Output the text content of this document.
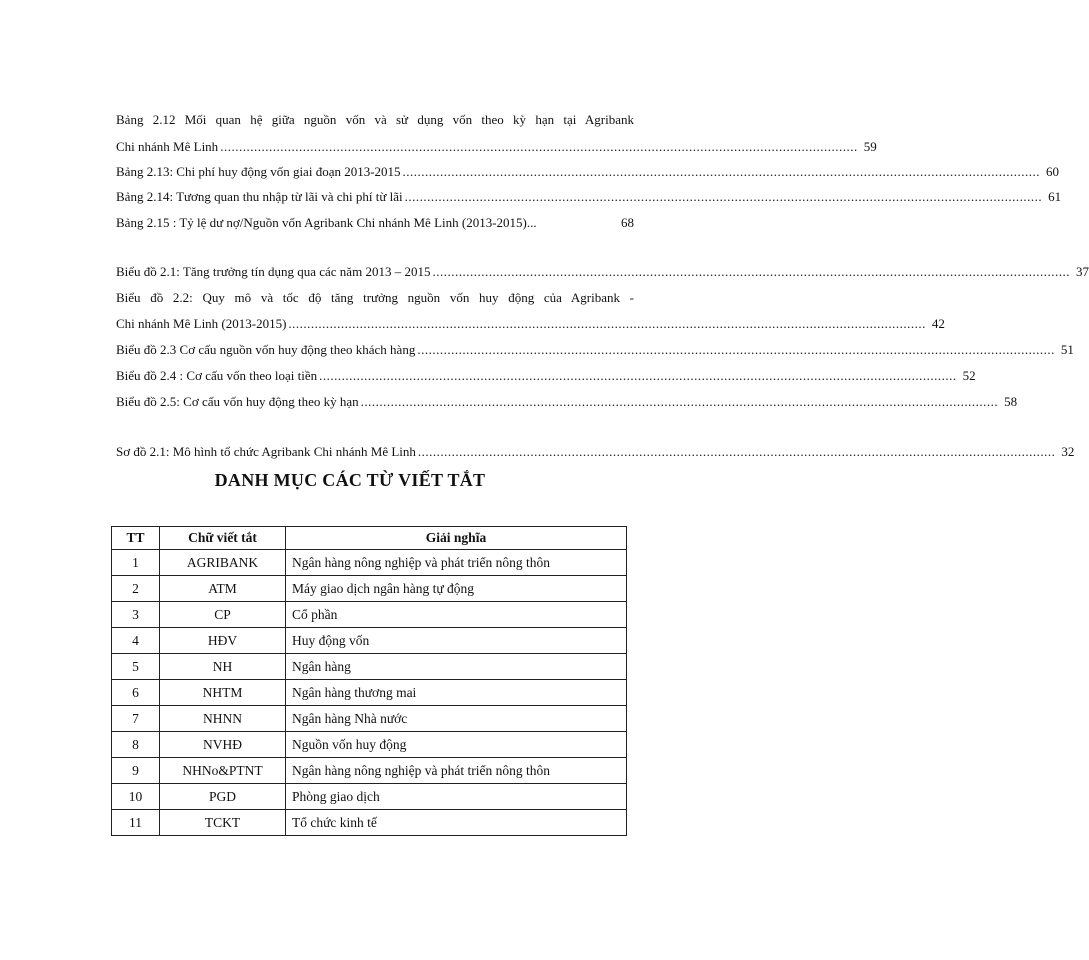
Bảng 2.12 Mối quan hệ giữa nguồn vốn và sử dụng vốn theo kỳ hạn tại Agribank
Chi nhánh Mê Linh .......................................................................................................................................................................... 59
Bảng 2.13: Chi phí huy động vốn giai đoạn 2013-2015 .......................................................................................................................................................................... 60
Bảng 2.14: Tương quan thu nhập từ lãi và chi phí từ lãi .......................................................................................................................................................................... 61
Bảng 2.15 : Tỷ lệ dư nợ/Nguồn vốn Agribank Chi nhánh Mê Linh (2013-2015)...	68
Biểu đồ 2.1: Tăng trưởng tín dụng qua các năm 2013 – 2015 .......................................................................................................................................................................... 37
Biểu đồ 2.2: Quy mô và tốc độ tăng trưởng nguồn vốn huy động của Agribank -
Chi nhánh Mê Linh (2013-2015) .......................................................................................................................................................................... 42
Biểu đồ 2.3 Cơ cấu nguồn vốn huy động theo khách hàng .......................................................................................................................................................................... 51
Biểu đồ 2.4 : Cơ cấu vốn theo loại tiền .......................................................................................................................................................................... 52
Biểu đồ 2.5: Cơ cấu vốn huy động theo kỳ hạn .......................................................................................................................................................................... 58
Sơ đồ 2.1: Mô hình tổ chức Agribank Chi nhánh Mê Linh .......................................................................................................................................................................... 32
DANH MỤC CÁC TỪ VIẾT TẮT
TT	Chữ viết tắt	Giải nghĩa
1	AGRIBANK	Ngân hàng nông nghiệp và phát triển nông thôn
2	ATM	Máy giao dịch ngân hàng tự động
3	CP	Cổ phần
4	HĐV	Huy động vốn
5	NH	Ngân hàng
6	NHTM	Ngân hàng thương mai
7	NHNN	Ngân hàng Nhà nước
8	NVHĐ	Nguồn vốn huy động
9	NHNo&PTNT	Ngân hàng nông nghiệp và phát triển nông thôn
10	PGD	Phòng giao dịch
11	TCKT	Tổ chức kinh tế
